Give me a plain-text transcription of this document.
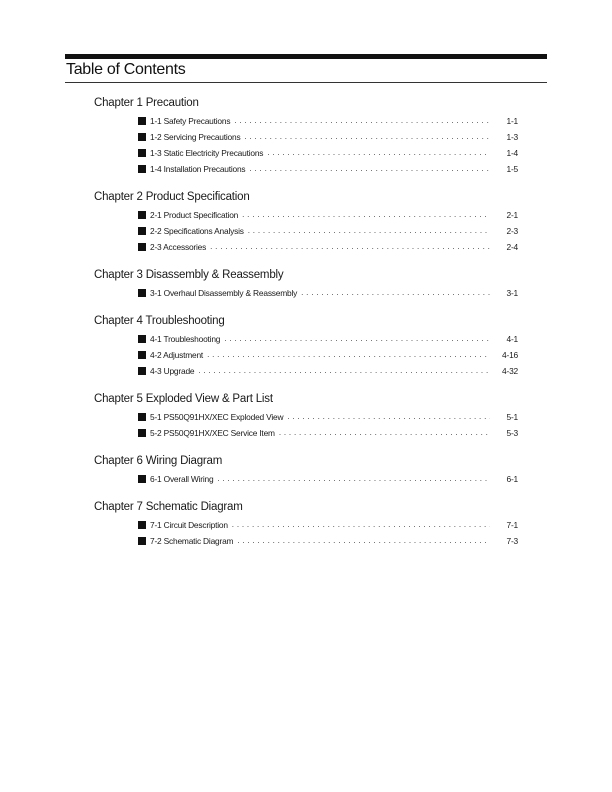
Table of Contents
Chapter 1 Precaution
1-1 Safety Precautions . . .	1-1
1-2 Servicing Precautions . . .	1-3
1-3 Static Electricity Precautions . . .	1-4
1-4 Installation Precautions . . .	1-5
Chapter 2 Product Specification
2-1 Product Specification . . .	2-1
2-2 Specifications Analysis . . .	2-3
2-3 Accessories . . .	2-4
Chapter 3 Disassembly & Reassembly
3-1 Overhaul Disassembly & Reassembly . . .	3-1
Chapter 4 Troubleshooting
4-1 Troubleshooting . . .	4-1
4-2 Adjustment . . .	4-16
4-3 Upgrade . . .	4-32
Chapter 5 Exploded View & Part List
5-1 PS50Q91HX/XEC Exploded View . . .	5-1
5-2 PS50Q91HX/XEC Service Item . . .	5-3
Chapter 6 Wiring Diagram
6-1 Overall Wiring . . .	6-1
Chapter 7 Schematic Diagram
7-1 Circuit Description . . .	7-1
7-2 Schematic Diagram . . .	7-3
